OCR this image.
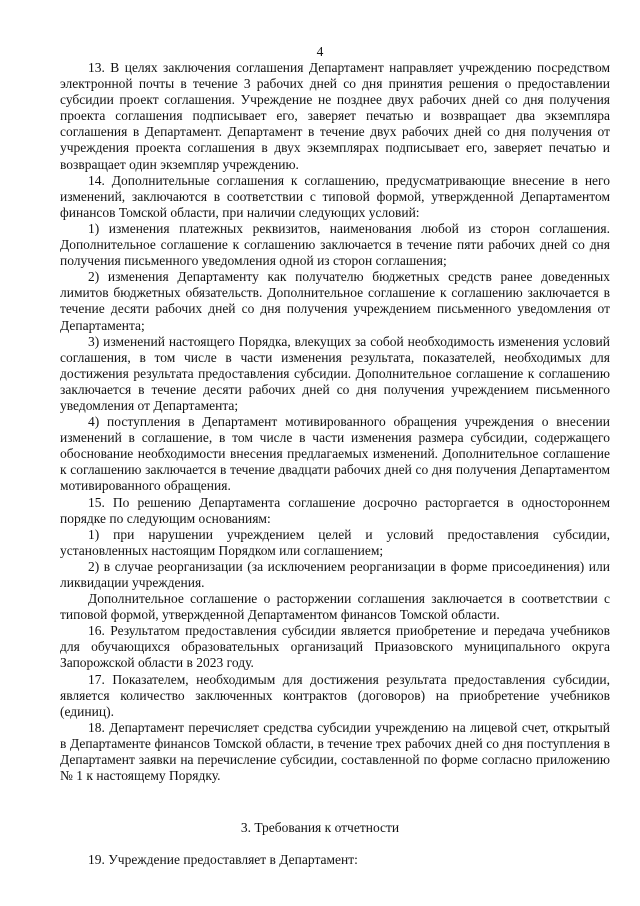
4

13. В целях заключения соглашения Департамент направляет учреждению посредством электронной почты в течение 3 рабочих дней со дня принятия решения о предоставлении субсидии проект соглашения. Учреждение не позднее двух рабочих дней со дня получения проекта соглашения подписывает его, заверяет печатью и возвращает два экземпляра соглашения в Департамент. Департамент в течение двух рабочих дней со дня получения от учреждения проекта соглашения в двух экземплярах подписывает его, заверяет печатью и возвращает один экземпляр учреждению.

14. Дополнительные соглашения к соглашению, предусматривающие внесение в него изменений, заключаются в соответствии с типовой формой, утвержденной Департаментом финансов Томской области, при наличии следующих условий:

1) изменения платежных реквизитов, наименования любой из сторон соглашения. Дополнительное соглашение к соглашению заключается в течение пяти рабочих дней со дня получения письменного уведомления одной из сторон соглашения;

2) изменения Департаменту как получателю бюджетных средств ранее доведенных лимитов бюджетных обязательств. Дополнительное соглашение к соглашению заключается в течение десяти рабочих дней со дня получения учреждением письменного уведомления от Департамента;

3) изменений настоящего Порядка, влекущих за собой необходимость изменения условий соглашения, в том числе в части изменения результата, показателей, необходимых для достижения результата предоставления субсидии. Дополнительное соглашение к соглашению заключается в течение десяти рабочих дней со дня получения учреждением письменного уведомления от Департамента;

4) поступления в Департамент мотивированного обращения учреждения о внесении изменений в соглашение, в том числе в части изменения размера субсидии, содержащего обоснование необходимости внесения предлагаемых изменений. Дополнительное соглашение к соглашению заключается в течение двадцати рабочих дней со дня получения Департаментом мотивированного обращения.

15. По решению Департамента соглашение досрочно расторгается в одностороннем порядке по следующим основаниям:

1) при нарушении учреждением целей и условий предоставления субсидии, установленных настоящим Порядком или соглашением;

2) в случае реорганизации (за исключением реорганизации в форме присоединения) или ликвидации учреждения.

Дополнительное соглашение о расторжении соглашения заключается в соответствии с типовой формой, утвержденной Департаментом финансов Томской области.

16. Результатом предоставления субсидии является приобретение и передача учебников для обучающихся образовательных организаций Приазовского муниципального округа Запорожской области в 2023 году.

17. Показателем, необходимым для достижения результата предоставления субсидии, является количество заключенных контрактов (договоров) на приобретение учебников (единиц).

18. Департамент перечисляет средства субсидии учреждению на лицевой счет, открытый в Департаменте финансов Томской области, в течение трех рабочих дней со дня поступления в Департамент заявки на перечисление субсидии, составленной по форме согласно приложению № 1 к настоящему Порядку.

3. Требования к отчетности

19. Учреждение предоставляет в Департамент:
